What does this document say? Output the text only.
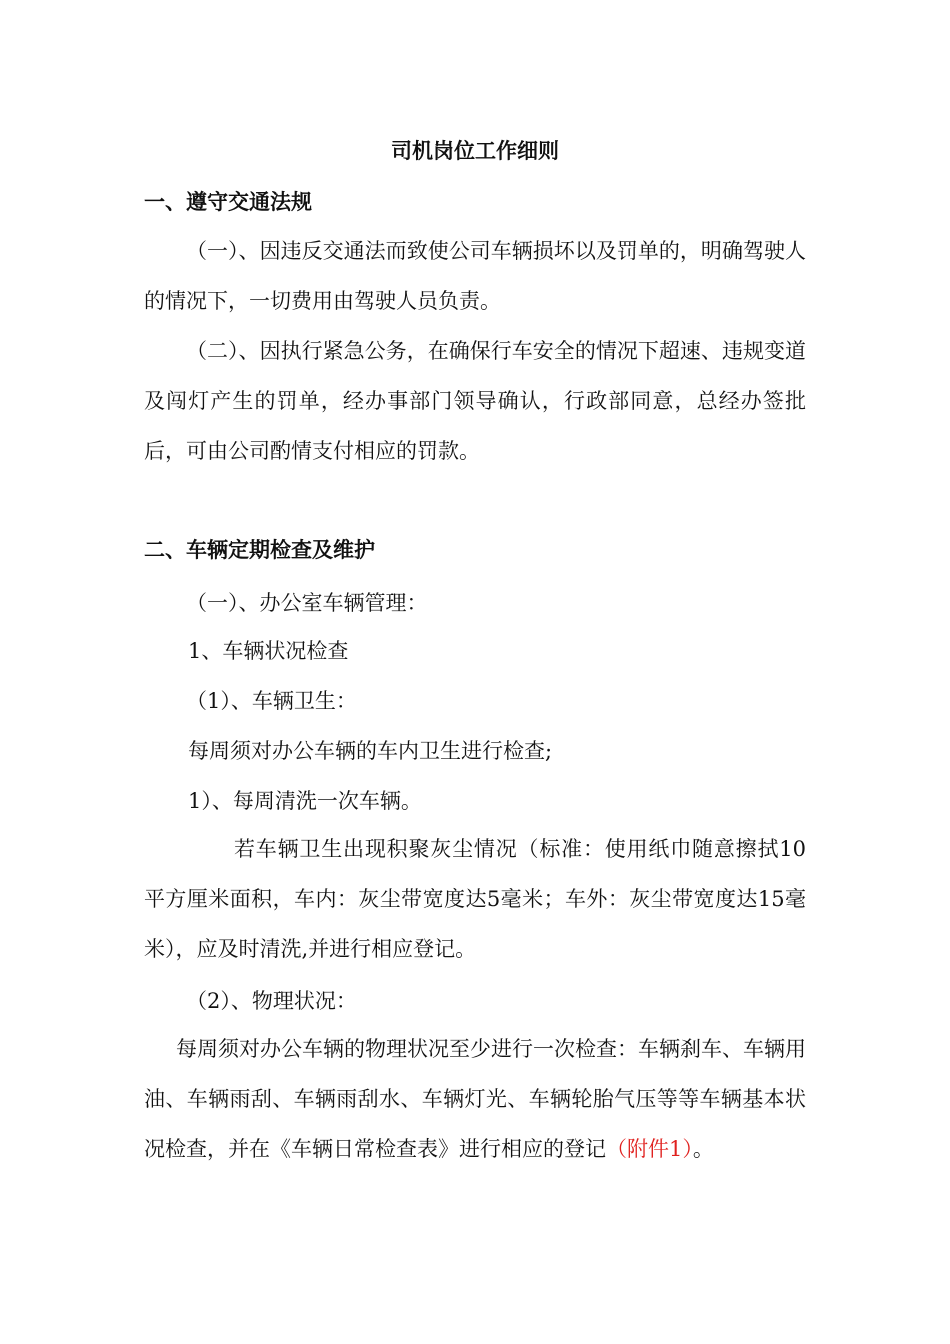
司机岗位工作细则
一、遵守交通法规

（一）、因违反交通法而致使公司车辆损坏以及罚单的，明确驾驶人的情况下，一切费用由驾驶人员负责。

（二）、因执行紧急公务，在确保行车安全的情况下超速、违规变道及闯灯产生的罚单，经办事部门领导确认，行政部同意，总经办签批后，可由公司酌情支付相应的罚款。

二、车辆定期检查及维护
（一）、办公室车辆管理：
1、车辆状况检查
（1）、车辆卫生：
每周须对办公车辆的车内卫生进行检查;
1）、每周清洗一次车辆。

若车辆卫生出现积聚灰尘情况（标准：使用纸巾随意擦拭10平方厘米面积，车内：灰尘带宽度达5毫米；车外：灰尘带宽度达15毫米），应及时清洗,并进行相应登记。

（2）、物理状况：

每周须对办公车辆的物理状况至少进行一次检查：车辆刹车、车辆用油、车辆雨刮、车辆雨刮水、车辆灯光、车辆轮胎气压等等车辆基本状况检查，并在《车辆日常检查表》进行相应的登记（附件1）。
